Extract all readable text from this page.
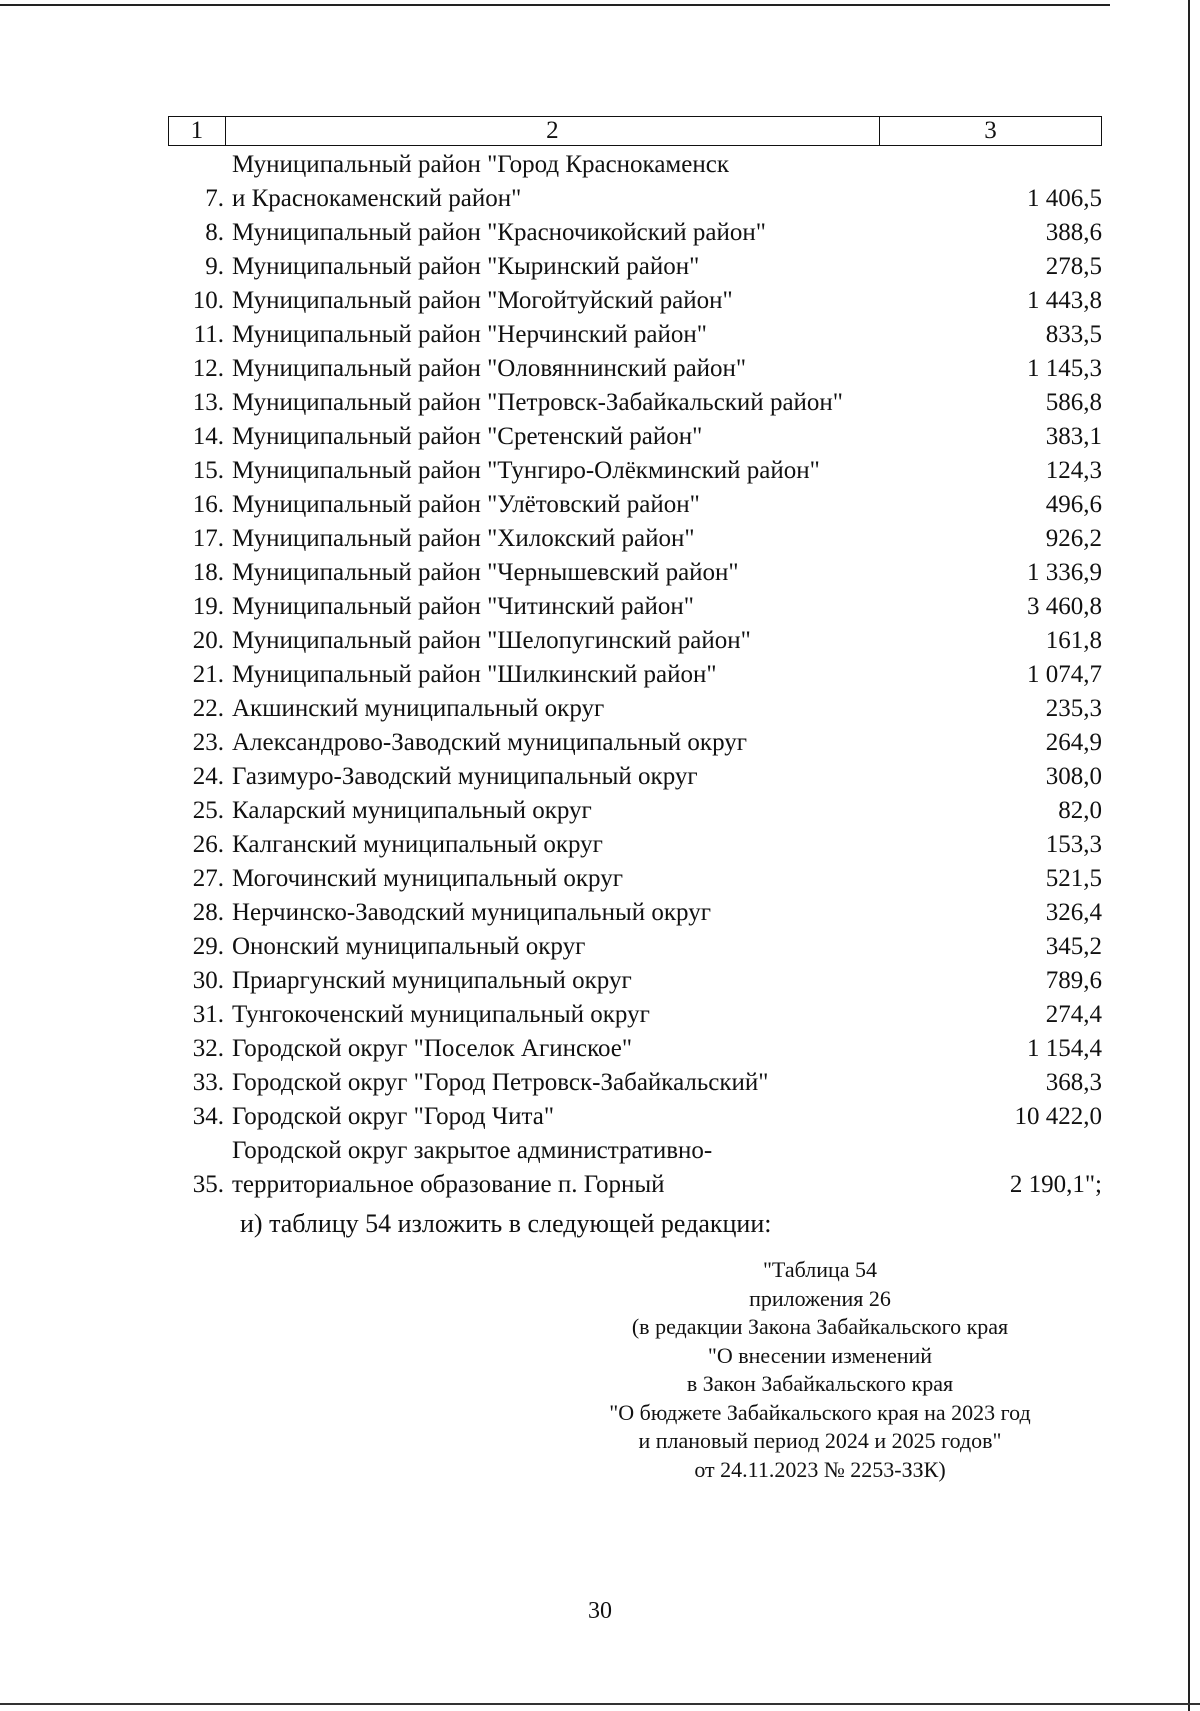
1	2	3
7.
Муниципальный район "Город Краснокаменск
и Краснокаменский район"	1 406,5
8. Муниципальный район "Красночикойский район"	388,6
9. Муниципальный район "Кыринский район"	278,5
10. Муниципальный район "Могойтуйский район"	1 443,8
11. Муниципальный район "Нерчинский район"	833,5
12. Муниципальный район "Оловяннинский район"	1 145,3
13. Муниципальный район "Петровск-Забайкальский район"	586,8
14. Муниципальный район "Сретенский район"	383,1
15. Муниципальный район "Тунгиро-Олёкминский район"	124,3
16. Муниципальный район "Улётовский район"	496,6
17. Муниципальный район "Хилокский район"	926,2
18. Муниципальный район "Чернышевский район"	1 336,9
19. Муниципальный район "Читинский район"	3 460,8
20. Муниципальный район "Шелопугинский район"	161,8
21. Муниципальный район "Шилкинский район"	1 074,7
22. Акшинский муниципальный округ	235,3
23. Александрово-Заводский муниципальный округ	264,9
24. Газимуро-Заводский муниципальный округ	308,0
25. Каларский муниципальный округ	82,0
26. Калганский муниципальный округ	153,3
27. Могочинский муниципальный округ	521,5
28. Нерчинско-Заводский муниципальный округ	326,4
29. Ононский муниципальный округ	345,2
30. Приаргунский муниципальный округ	789,6
31. Тунгокоченский муниципальный округ	274,4
32. Городской округ "Поселок Агинское"	1 154,4
33. Городской округ "Город Петровск-Забайкальский"	368,3
34. Городской округ "Город Чита"	10 422,0
35.
Городской округ закрытое административно-
территориальное образование п. Горный	2 190,1";
и) таблицу 54 изложить в следующей редакции:
"Таблица 54
приложения 26
(в редакции Закона Забайкальского края
"О внесении изменений
в Закон Забайкальского края
"О бюджете Забайкальского края на 2023 год
и плановый период 2024 и 2025 годов"
от 24.11.2023 № 2253-ЗЗК)
30
